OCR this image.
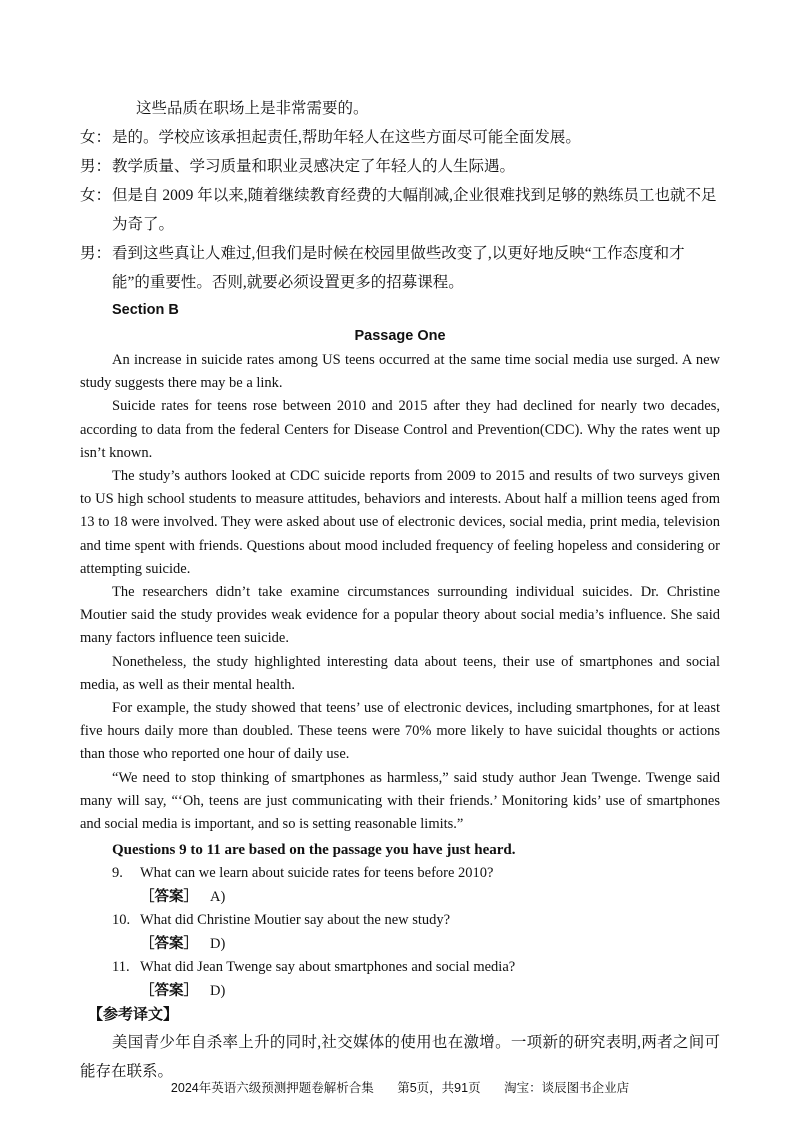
这些品质在职场上是非常需要的。

女： 是的。学校应该承担起责任,帮助年轻人在这些方面尽可能全面发展。

男： 教学质量、学习质量和职业灵感决定了年轻人的人生际遇。

女： 但是自 2009 年以来,随着继续教育经费的大幅削减,企业很难找到足够的熟练员工也就不足为奇了。

男： 看到这些真让人难过,但我们是时候在校园里做些改变了,以更好地反映“工作态度和才能”的重要性。否则,就要必须设置更多的招募课程。

Section B

Passage One

An increase in suicide rates among US teens occurred at the same time social media use surged. A new study suggests there may be a link.

Suicide rates for teens rose between 2010 and 2015 after they had declined for nearly two decades, according to data from the federal Centers for Disease Control and Prevention(CDC). Why the rates went up isn’t known.

The study’s authors looked at CDC suicide reports from 2009 to 2015 and results of two surveys given to US high school students to measure attitudes, behaviors and interests. About half a million teens aged from 13 to 18 were involved. They were asked about use of electronic devices, social media, print media, television and time spent with friends. Questions about mood included frequency of feeling hopeless and considering or attempting suicide.

The researchers didn’t take examine circumstances surrounding individual suicides. Dr. Christine Moutier said the study provides weak evidence for a popular theory about social media’s influence. She said many factors influence teen suicide.

Nonetheless, the study highlighted interesting data about teens, their use of smartphones and social media, as well as their mental health.

For example, the study showed that teens’ use of electronic devices, including smartphones, for at least five hours daily more than doubled. These teens were 70% more likely to have suicidal thoughts or actions than those who reported one hour of daily use.

“We need to stop thinking of smartphones as harmless,” said study author Jean Twenge. Twenge said many will say, “‘Oh, teens are just communicating with their friends.’ Monitoring kids’ use of smartphones and social media is important, and so is setting reasonable limits.”

Questions 9 to 11 are based on the passage you have just heard.

9. What can we learn about suicide rates for teens before 2010?

［答案］ A)

10. What did Christine Moutier say about the new study?

［答案］ D)

11. What did Jean Twenge say about smartphones and social media?

［答案］ D)

【参考译文】

美国青少年自杀率上升的同时,社交媒体的使用也在激增。一项新的研究表明,两者之间可能存在联系。

2024年英语六级预测押题卷解析合集 第5页，共91页 淘宝：谈辰图书企业店
